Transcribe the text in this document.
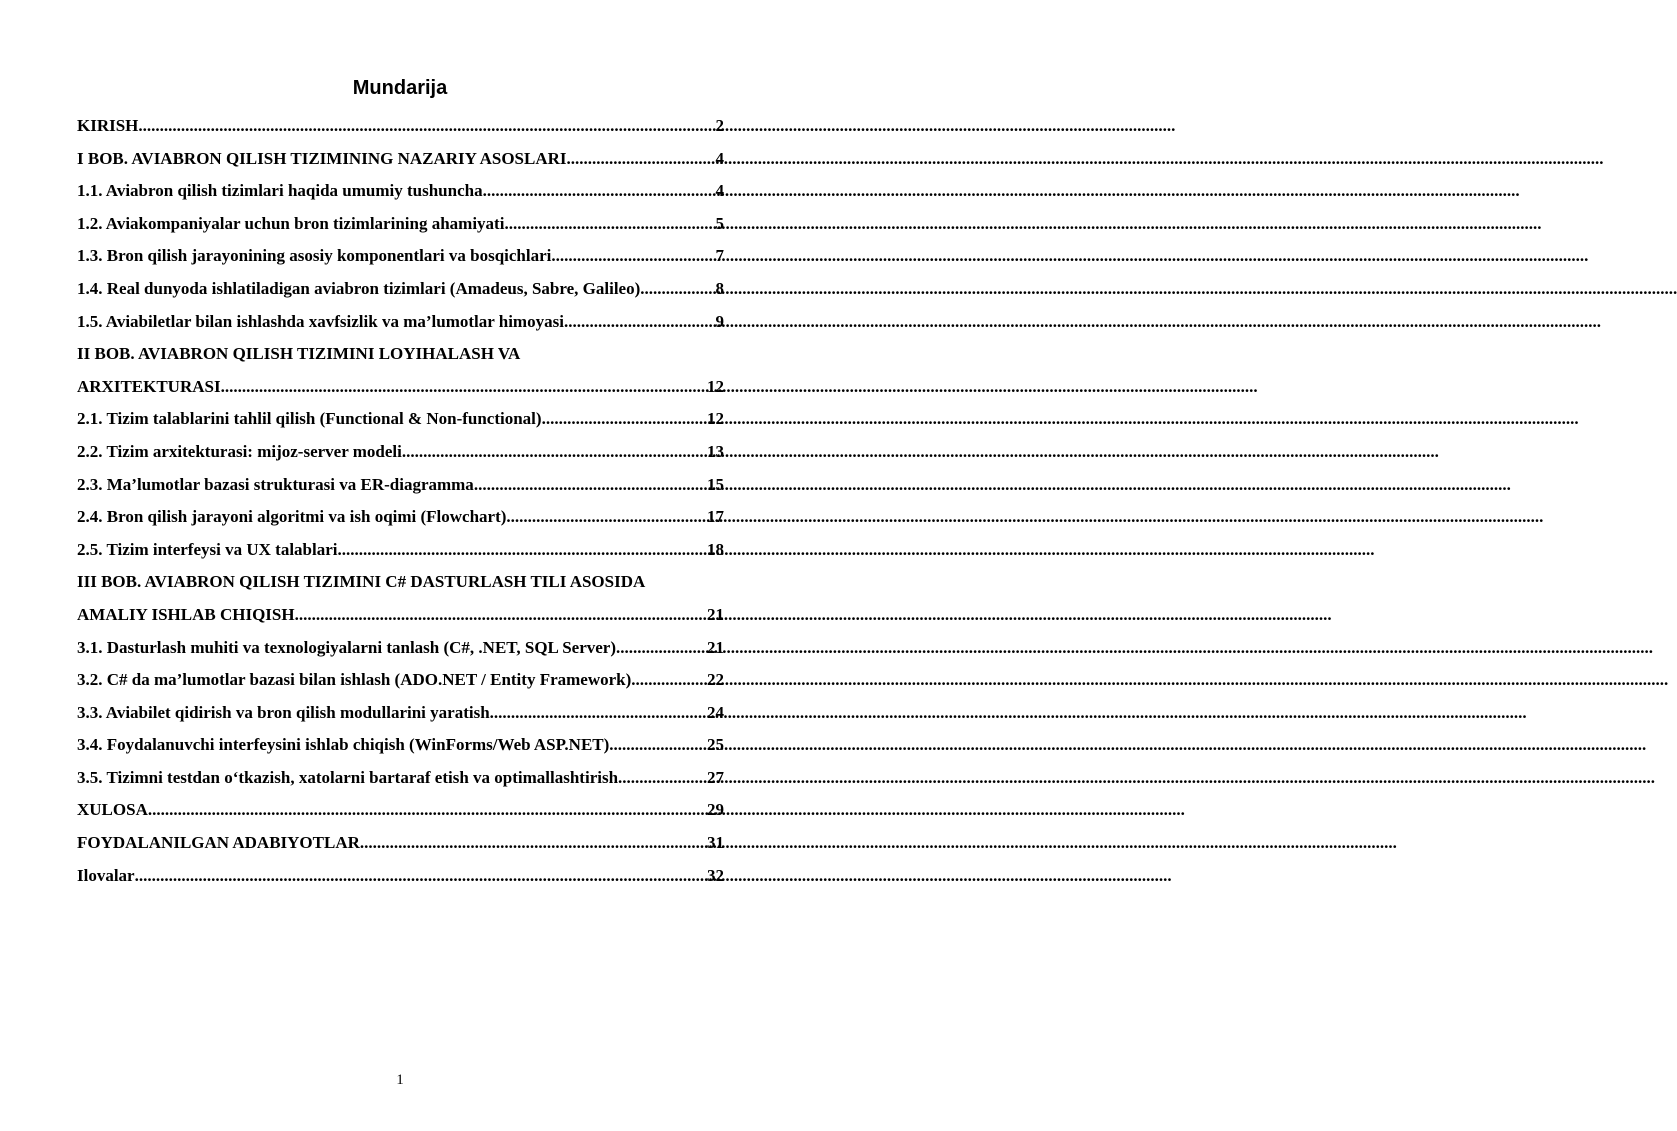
Mundarija
KIRISH .....	2
I BOB. AVIABRON QILISH TIZIMINING NAZARIY ASOSLARI .....	4
1.1. Aviabron qilish tizimlari haqida umumiy tushuncha .....	4
1.2. Aviakompaniyalar uchun bron tizimlarining ahamiyati .....	5
1.3. Bron qilish jarayonining asosiy komponentlari va bosqichlari .....	7
1.4. Real dunyoda ishlatiladigan aviabron tizimlari (Amadeus, Sabre, Galileo) .....	8
1.5. Aviabiletlar bilan ishlashda xavfsizlik va ma’lumotlar himoyasi .....	9
II BOB. AVIABRON QILISH TIZIMINI LOYIHALASH VA
ARXITEKTURASI .....	12
2.1. Tizim talablarini tahlil qilish (Functional & Non-functional) .....	12
2.2. Tizim arxitekturasi: mijoz-server modeli .....	13
2.3. Ma’lumotlar bazasi strukturasi va ER-diagramma .....	15
2.4. Bron qilish jarayoni algoritmi va ish oqimi (Flowchart) .....	17
2.5. Tizim interfeysi va UX talablari .....	18
III BOB. AVIABRON QILISH TIZIMINI C# DASTURLASH TILI ASOSIDA
AMALIY ISHLAB CHIQISH .....	21
3.1. Dasturlash muhiti va texnologiyalarni tanlash (C#, .NET, SQL Server) .....	21
3.2. C# da ma’lumotlar bazasi bilan ishlash (ADO.NET / Entity Framework) .....	22
3.3. Aviabilet qidirish va bron qilish modullarini yaratish .....	24
3.4. Foydalanuvchi interfeysini ishlab chiqish (WinForms/Web ASP.NET) .....	25
3.5. Tizimni testdan o‘tkazish, xatolarni bartaraf etish va optimallashtirish .....	27
XULOSA .....	29
FOYDALANILGAN ADABIYOTLAR .....	31
Ilovalar .....	32
1
